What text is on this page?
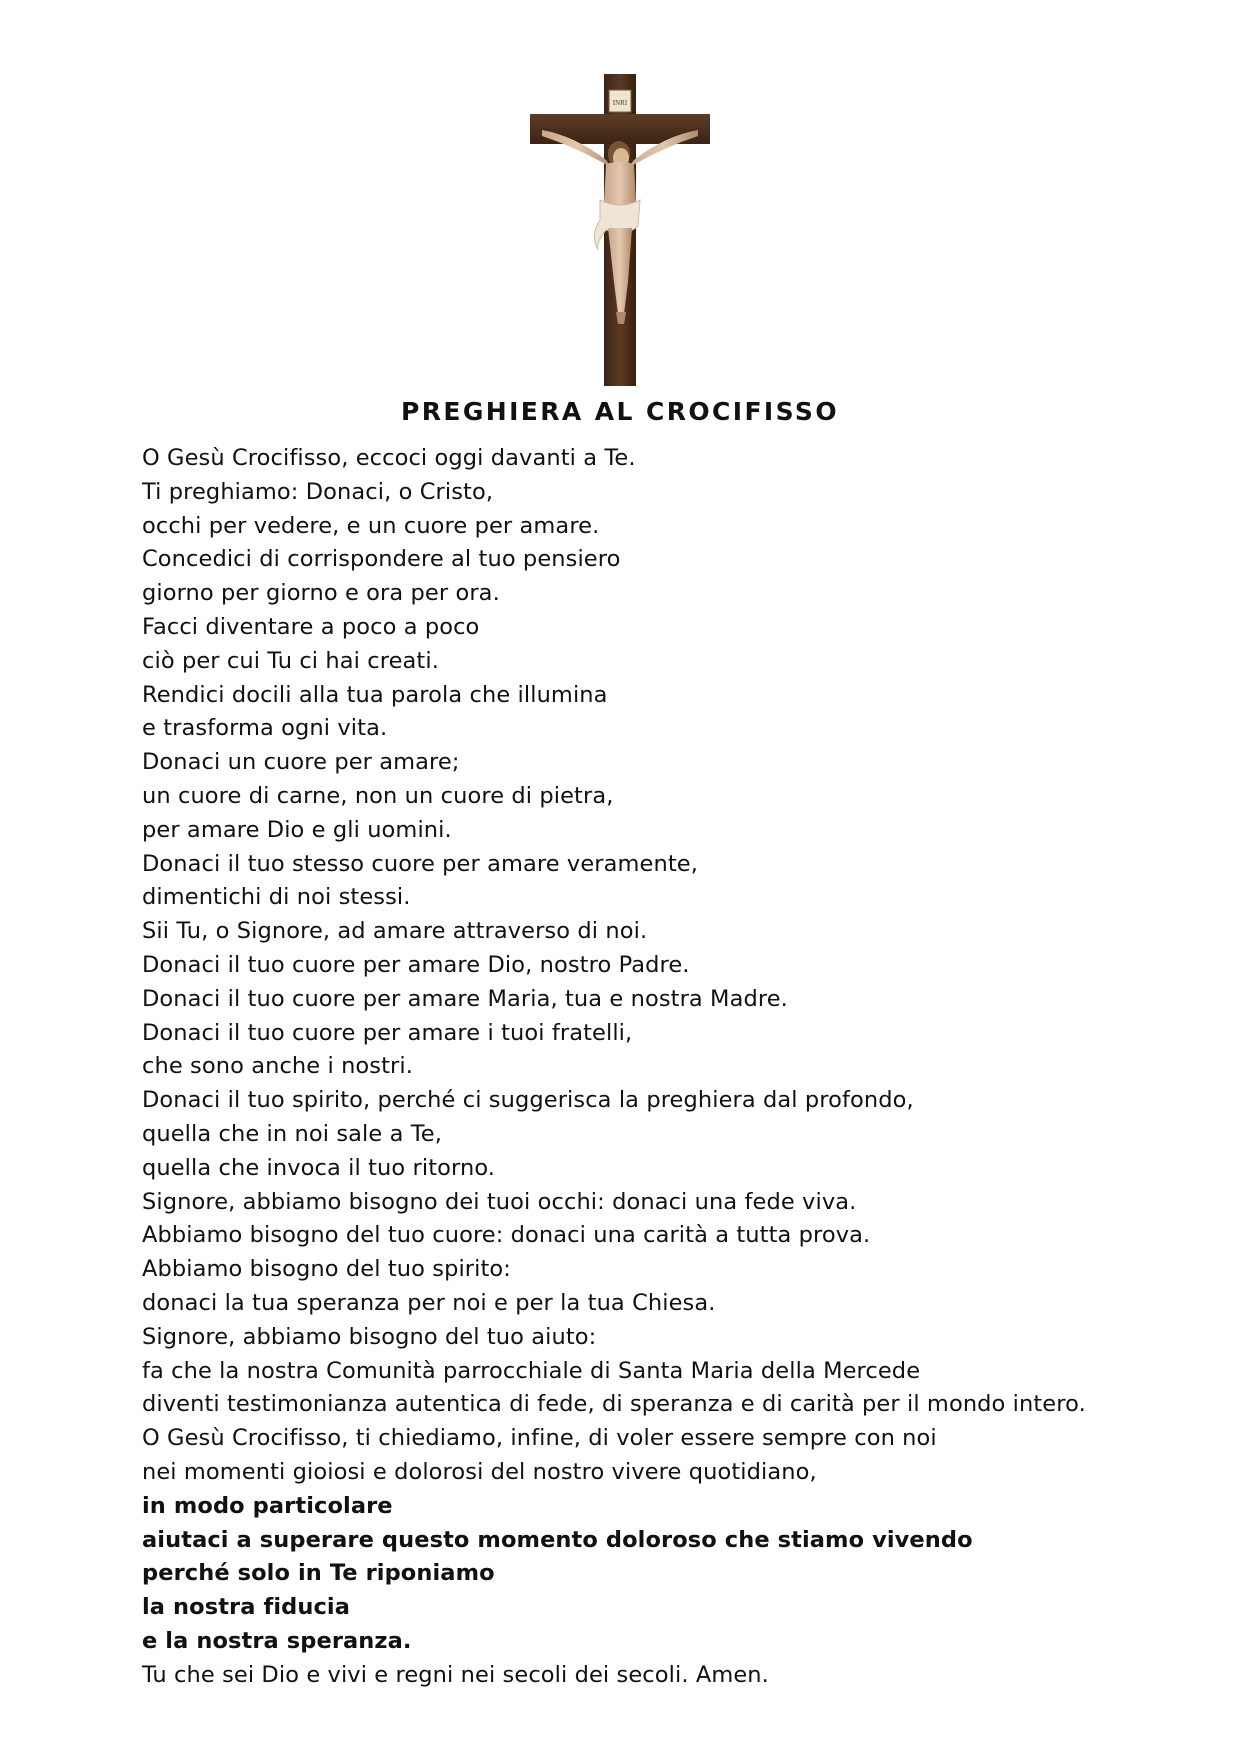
INRI
PREGHIERA AL CROCIFISSO
O Gesù Crocifisso, eccoci oggi davanti a Te.
Ti preghiamo: Donaci, o Cristo,
occhi per vedere, e un cuore per amare.
Concedici di corrispondere al tuo pensiero
giorno per giorno e ora per ora.
Facci diventare a poco a poco
ciò per cui Tu ci hai creati.
Rendici docili alla tua parola che illumina
e trasforma ogni vita.
Donaci un cuore per amare;
un cuore di carne, non un cuore di pietra,
per amare Dio e gli uomini.
Donaci il tuo stesso cuore per amare veramente,
dimentichi di noi stessi.
Sii Tu, o Signore, ad amare attraverso di noi.
Donaci il tuo cuore per amare Dio, nostro Padre.
Donaci il tuo cuore per amare Maria, tua e nostra Madre.
Donaci il tuo cuore per amare i tuoi fratelli,
che sono anche i nostri.
Donaci il tuo spirito, perché ci suggerisca la preghiera dal profondo,
quella che in noi sale a Te,
quella che invoca il tuo ritorno.
Signore, abbiamo bisogno dei tuoi occhi: donaci una fede viva.
Abbiamo bisogno del tuo cuore: donaci una carità a tutta prova.
Abbiamo bisogno del tuo spirito:
donaci la tua speranza per noi e per la tua Chiesa.
Signore, abbiamo bisogno del tuo aiuto:
fa che la nostra Comunità parrocchiale di Santa Maria della Mercede
diventi testimonianza autentica di fede, di speranza e di carità per il mondo intero.
O Gesù Crocifisso, ti chiediamo, infine, di voler essere sempre con noi
nei momenti gioiosi e dolorosi del nostro vivere quotidiano,
in modo particolare
aiutaci a superare questo momento doloroso che stiamo vivendo
perché solo in Te riponiamo
la nostra fiducia
e la nostra speranza.
Tu che sei Dio e vivi e regni nei secoli dei secoli. Amen.
